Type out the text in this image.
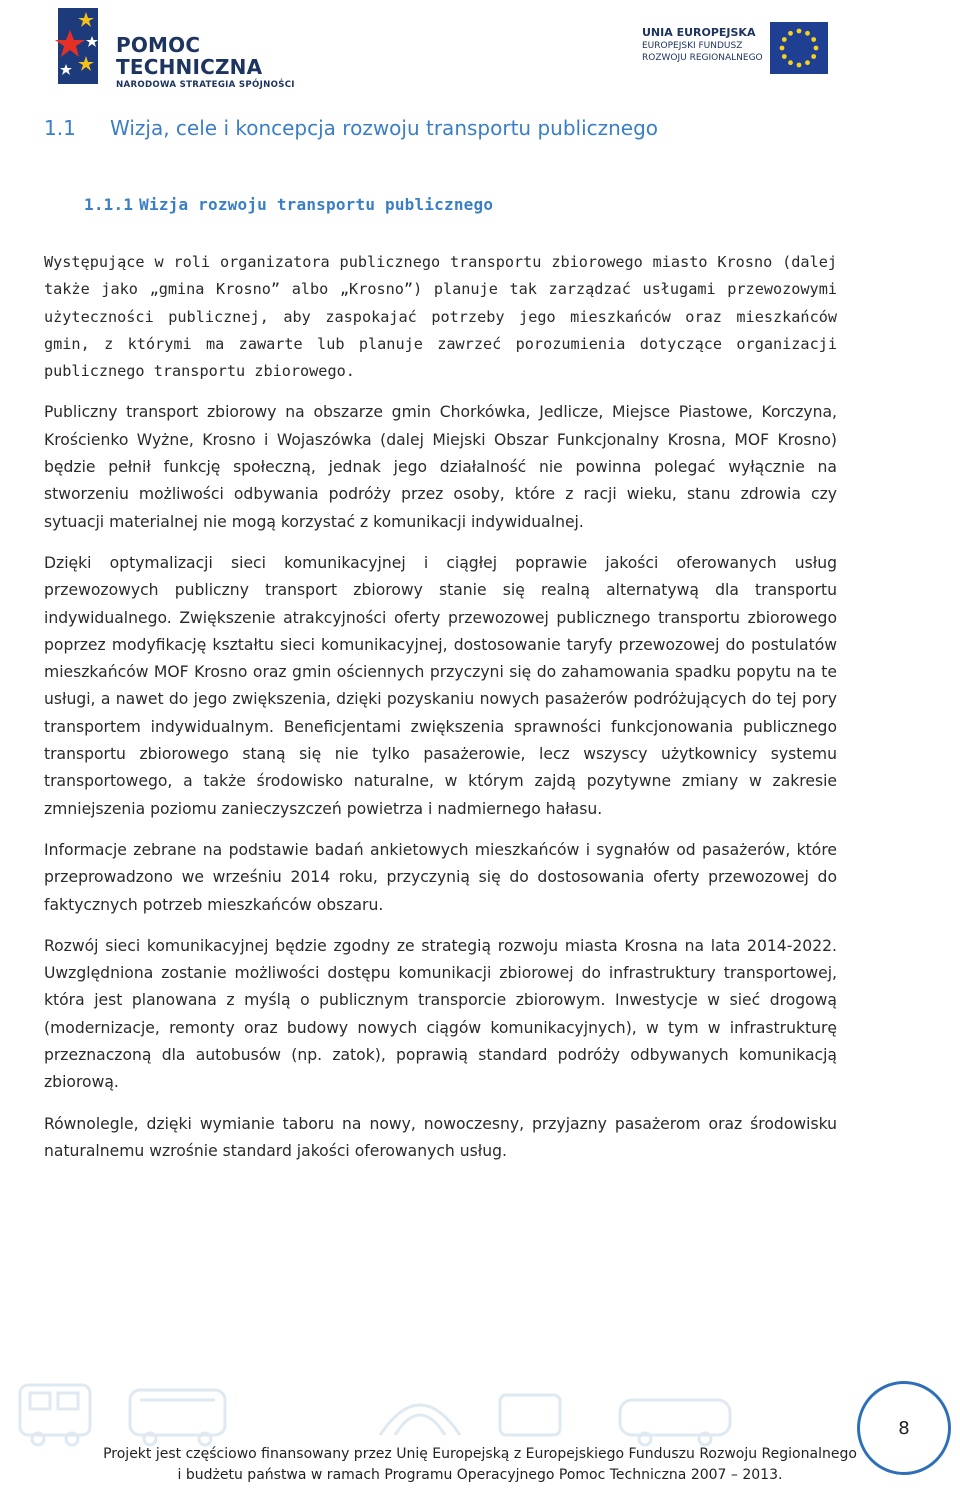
POMOC TECHNICZNA
NARODOWA STRATEGIA SPÓJNOŚCI
UNIA EUROPEJSKA
EUROPEJSKI FUNDUSZ
ROZWOJU REGIONALNEGO
1.1 Wizja, cele i koncepcja rozwoju transportu publicznego
1.1.1 Wizja rozwoju transportu publicznego

Występujące w roli organizatora publicznego transportu zbiorowego miasto Krosno (dalej także jako „gmina Krosno” albo „Krosno”) planuje tak zarządzać usługami przewozowymi użyteczności publicznej, aby zaspokajać potrzeby jego mieszkańców oraz mieszkańców gmin, z którymi ma zawarte lub planuje zawrzeć porozumienia dotyczące organizacji publicznego transportu zbiorowego.

Publiczny transport zbiorowy na obszarze gmin Chorkówka, Jedlicze, Miejsce Piastowe, Korczyna, Krościenko Wyżne, Krosno i Wojaszówka (dalej Miejski Obszar Funkcjonalny Krosna, MOF Krosno) będzie pełnił funkcję społeczną, jednak jego działalność nie powinna polegać wyłącznie na stworzeniu możliwości odbywania podróży przez osoby, które z racji wieku, stanu zdrowia czy sytuacji materialnej nie mogą korzystać z komunikacji indywidualnej.

Dzięki optymalizacji sieci komunikacyjnej i ciągłej poprawie jakości oferowanych usług przewozowych publiczny transport zbiorowy stanie się realną alternatywą dla transportu indywidualnego. Zwiększenie atrakcyjności oferty przewozowej publicznego transportu zbiorowego poprzez modyfikację kształtu sieci komunikacyjnej, dostosowanie taryfy przewozowej do postulatów mieszkańców MOF Krosno oraz gmin ościennych przyczyni się do zahamowania spadku popytu na te usługi, a nawet do jego zwiększenia, dzięki pozyskaniu nowych pasażerów podróżujących do tej pory transportem indywidualnym. Beneficjentami zwiększenia sprawności funkcjonowania publicznego transportu zbiorowego staną się nie tylko pasażerowie, lecz wszyscy użytkownicy systemu transportowego, a także środowisko naturalne, w którym zajdą pozytywne zmiany w zakresie zmniejszenia poziomu zanieczyszczeń powietrza i nadmiernego hałasu.

Informacje zebrane na podstawie badań ankietowych mieszkańców i sygnałów od pasażerów, które przeprowadzono we wrześniu 2014 roku, przyczynią się do dostosowania oferty przewozowej do faktycznych potrzeb mieszkańców obszaru.

Rozwój sieci komunikacyjnej będzie zgodny ze strategią rozwoju miasta Krosna na lata 2014-2022. Uwzględniona zostanie możliwości dostępu komunikacji zbiorowej do infrastruktury transportowej, która jest planowana z myślą o publicznym transporcie zbiorowym. Inwestycje w sieć drogową (modernizacje, remonty oraz budowy nowych ciągów komunikacyjnych), w tym w infrastrukturę przeznaczoną dla autobusów (np. zatok), poprawią standard podróży odbywanych komunikacją zbiorową.

Równolegle, dzięki wymianie taboru na nowy, nowoczesny, przyjazny pasażerom oraz środowisku naturalnemu wzrośnie standard jakości oferowanych usług.

8
Projekt jest częściowo finansowany przez Unię Europejską z Europejskiego Funduszu Rozwoju Regionalnego
i budżetu państwa w ramach Programu Operacyjnego Pomoc Techniczna 2007 – 2013.
